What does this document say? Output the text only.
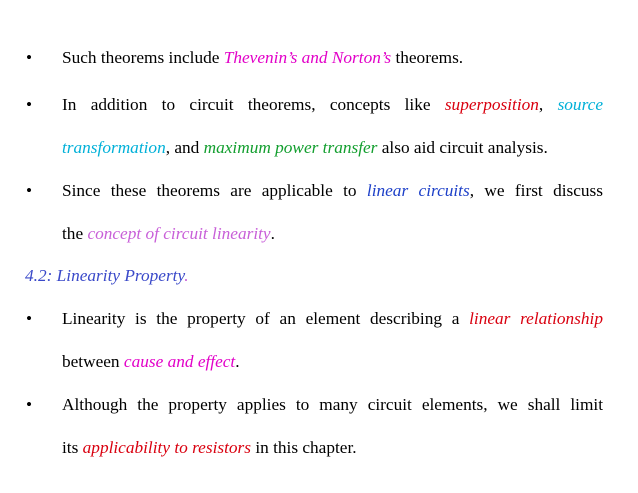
• Such theorems include Thevenin’s and Norton’s theorems.
• In addition to circuit theorems, concepts like superposition, source
transformation, and maximum power transfer also aid circuit analysis.
• Since these theorems are applicable to linear circuits, we first discuss
the concept of circuit linearity.
4.2: Linearity Property.
• Linearity is the property of an element describing a linear relationship
between cause and effect.
• Although the property applies to many circuit elements, we shall limit
its applicability to resistors in this chapter.
